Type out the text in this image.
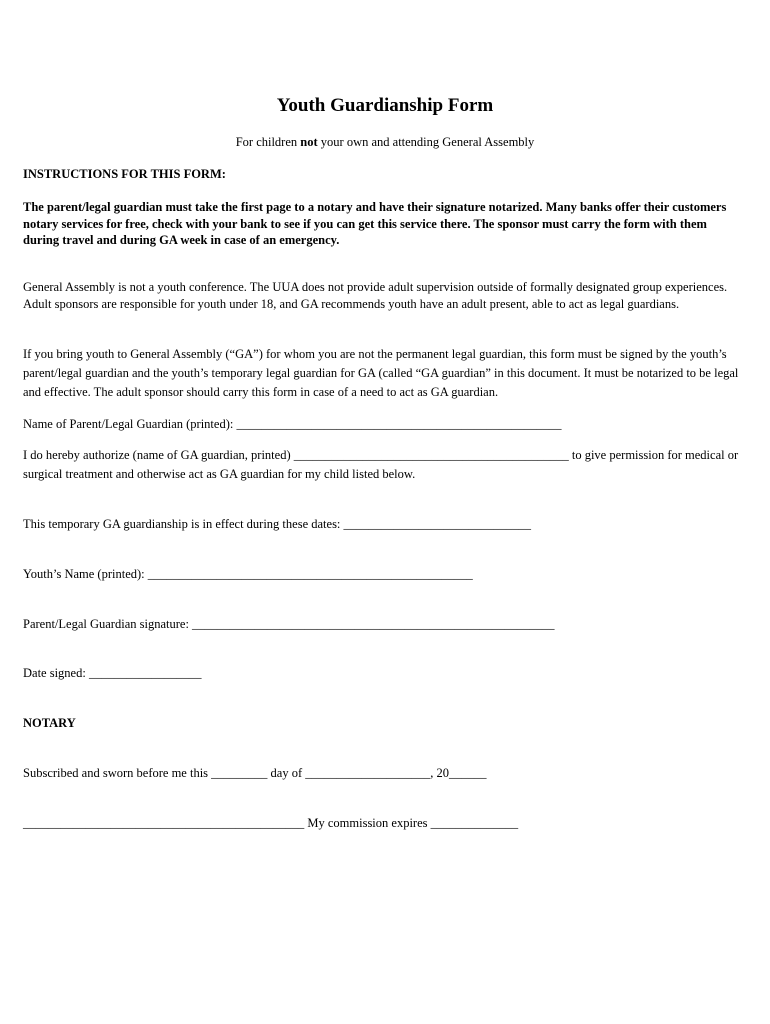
Youth Guardianship Form
For children not your own and attending General Assembly

INSTRUCTIONS FOR THIS FORM:

The parent/legal guardian must take the first page to a notary and have their signature notarized. Many banks offer their customers notary services for free, check with your bank to see if you can get this service there. The sponsor must carry the form with them during travel and during GA week in case of an emergency.

General Assembly is not a youth conference. The UUA does not provide adult supervision outside of formally designated group experiences. Adult sponsors are responsible for youth under 18, and GA recommends youth have an adult present, able to act as legal guardians.

If you bring youth to General Assembly (“GA”) for whom you are not the permanent legal guardian, this form must be signed by the youth’s parent/legal guardian and the youth’s temporary legal guardian for GA (called “GA guardian” in this document. It must be notarized to be legal and effective. The adult sponsor should carry this form in case of a need to act as GA guardian.

Name of Parent/Legal Guardian (printed): ____________________________________________________

I do hereby authorize (name of GA guardian, printed) ____________________________________________ to give permission for medical or surgical treatment and otherwise act as GA guardian for my child listed below.

This temporary GA guardianship is in effect during these dates: ______________________________

Youth’s Name (printed): ____________________________________________________

Parent/Legal Guardian signature: __________________________________________________________

Date signed: __________________

NOTARY

Subscribed and sworn before me this _________ day of ____________________, 20______

_____________________________________________ My commission expires ______________
